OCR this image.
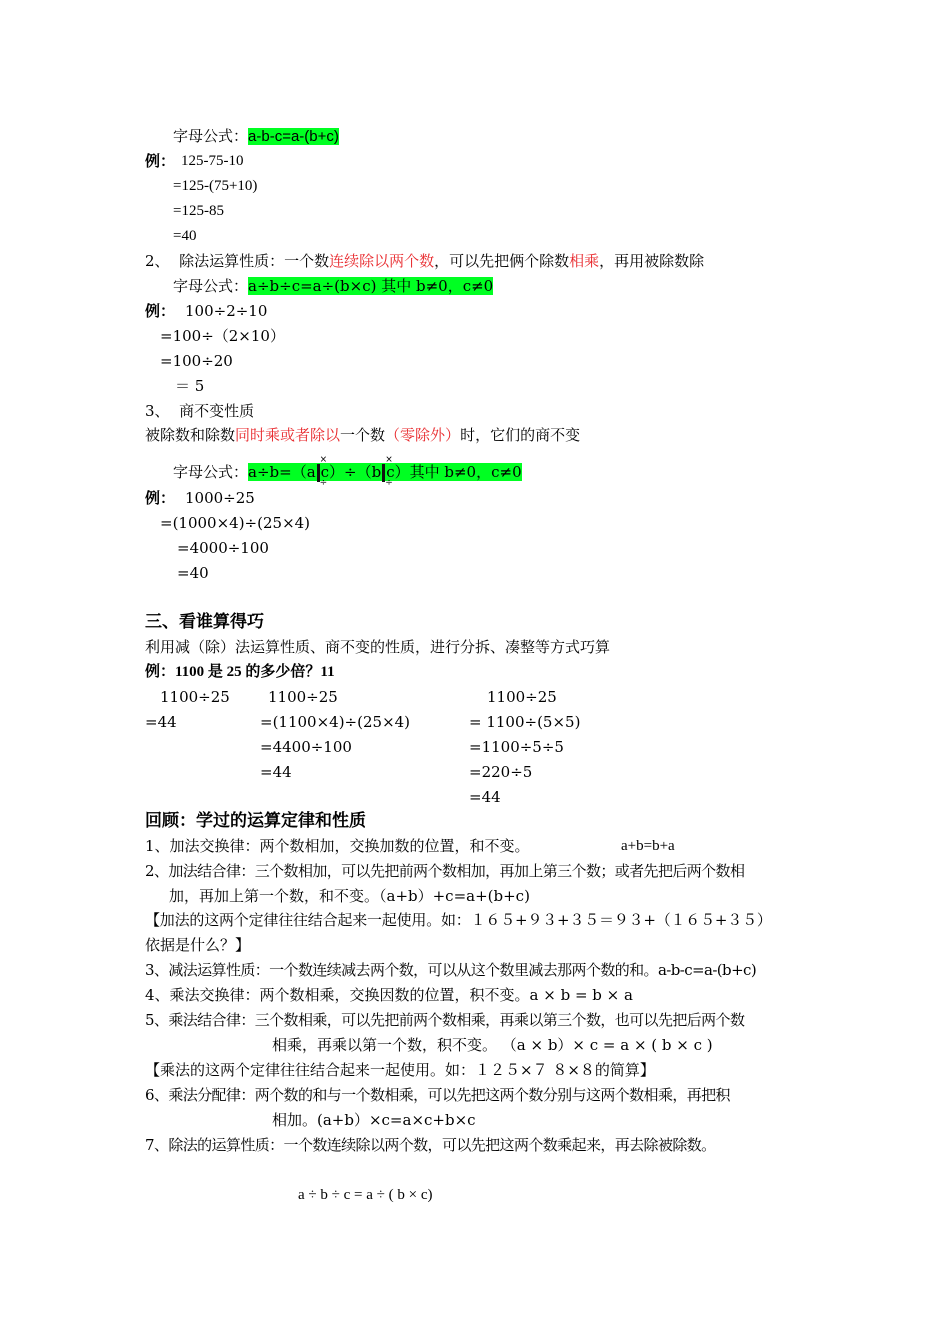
字母公式：a-b-c=a-(b+c)
例： 125-75-10
=125-(75+10)
=125-85
=40
2、 除法运算性质：一个数连续除以两个数，可以先把俩个除数相乘，再用被除数除
字母公式：a÷b÷c=a÷(b×c) 其中 b≠0，c≠0
例： 100÷2÷10
=100÷（2×10）
=100÷20
＝ 5
3、 商不变性质
被除数和除数同时乘或者除以一个数（零除外）时，它们的商不变
字母公式：a÷b=（a
×
÷
c）÷（b
×
÷
c）其中 b≠0，c≠0
例： 1000÷25
=(1000×4)÷(25×4)
=4000÷100
=40
三、看谁算得巧
利用减（除）法运算性质、商不变的性质，进行分拆、凑整等方式巧算
例：1100 是 25 的多少倍？11
1100÷25
=44
1100÷25
=(1100×4)÷(25×4)
=4400÷100
=44
1100÷25
= 1100÷(5×5)
=1100÷5÷5
=220÷5
=44
回顾：学过的运算定律和性质
1、加法交换律：两个数相加，交换加数的位置，和不变。	a+b=b+a
2、加法结合律：三个数相加，可以先把前两个数相加，再加上第三个数；或者先把后两个数相
加，再加上第一个数，和不变。（a+b）+c=a+(b+c)
【加法的这两个定律往往结合起来一起使用。如：１６５+９３+３５＝９３+（１６５+３５）
依据是什么？】
3、减法运算性质：一个数连续减去两个数，可以从这个数里减去那两个数的和。a-b-c=a-(b+c)
4、乘法交换律：两个数相乘，交换因数的位置，积不变。a × b = b × a
5、乘法结合律：三个数相乘，可以先把前两个数相乘，再乘以第三个数，也可以先把后两个数
相乘，再乘以第一个数，积不变。 （a × b）× c = a × ( b × c )
【乘法的这两个定律往往结合起来一起使用。如：１２５×７ ８×８的简算】
6、乘法分配律：两个数的和与一个数相乘，可以先把这两个数分别与这两个数相乘，再把积
相加。(a+b）×c=a×c+b×c
7、除法的运算性质：一个数连续除以两个数，可以先把这两个数乘起来，再去除被除数。
a ÷ b ÷ c = a ÷ ( b × c)
